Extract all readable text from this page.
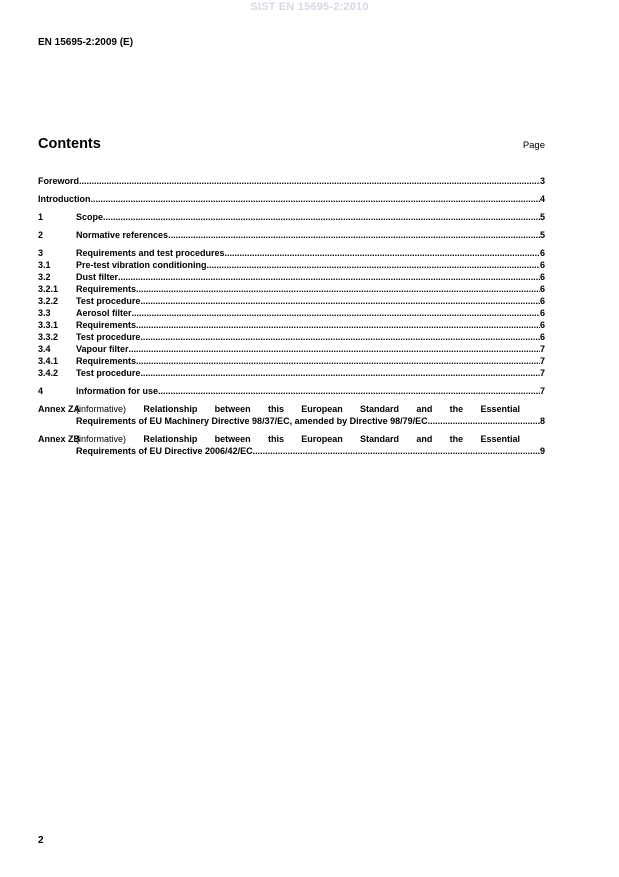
SIST EN 15695-2:2010
EN 15695-2:2009 (E)
Contents	Page
Foreword .....	3
Introduction .....	4
1	Scope .....	5
2	Normative references .....	5
3	Requirements and test procedures .....	6
3.1	Pre-test vibration conditioning .....	6
3.2	Dust filter .....	6
3.2.1	Requirements .....	6
3.2.2	Test procedure .....	6
3.3	Aerosol filter .....	6
3.3.1	Requirements .....	6
3.3.2	Test procedure .....	6
3.4	Vapour filter .....	7
3.4.1	Requirements .....	7
3.4.2	Test procedure .....	7
4	Information for use .....	7
Annex ZA
(informative) Relationship between this European Standard and the Essential
Requirements of EU Machinery Directive 98/37/EC, amended by Directive 98/79/EC .....	8
Annex ZB
(informative) Relationship between this European Standard and the Essential
Requirements of EU Directive 2006/42/EC .....	9
2
